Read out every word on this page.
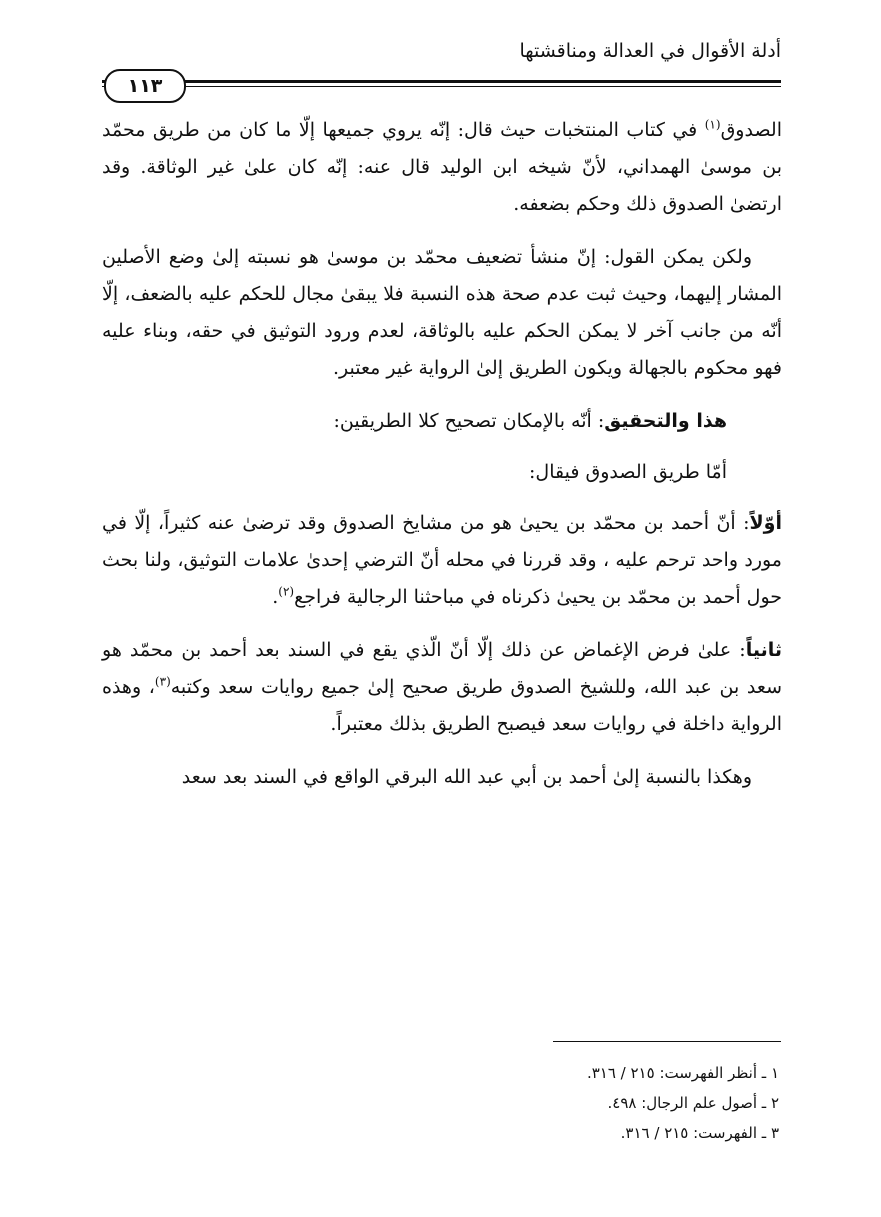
أدلة الأقوال في العدالة ومناقشتها
١١٣

الصدوق$^{(١)}$ في كتاب المنتخبات حيث قال: إنّه يروي جميعها إلّا ما كان من طريق محمّد بن موسىٰ الهمداني، لأنّ شيخه ابن الوليد قال عنه: إنّه كان علىٰ غير الوثاقة. وقد ارتضىٰ الصدوق ذلك وحكم بضعفه.

ولكن يمكن القول: إنّ منشأ تضعيف محمّد بن موسىٰ هو نسبته إلىٰ وضع الأصلين المشار إليهما، وحيث ثبت عدم صحة هذه النسبة فلا يبقىٰ مجال للحكم عليه بالضعف، إلّا أنّه من جانب آخر لا يمكن الحكم عليه بالوثاقة، لعدم ورود التوثيق في حقه، وبناء عليه فهو محكوم بالجهالة ويكون الطريق إلىٰ الرواية غير معتبر.

هذا والتحقيق: أنّه بالإمكان تصحيح كلا الطريقين:

أمّا طريق الصدوق فيقال:

أوّلاً: أنّ أحمد بن محمّد بن يحيىٰ هو من مشايخ الصدوق وقد ترضىٰ عنه كثيراً، إلّا في مورد واحد ترحم عليه ، وقد قررنا في محله أنّ الترضي إحدىٰ علامات التوثيق، ولنا بحث حول أحمد بن محمّد بن يحيىٰ ذكرناه في مباحثنا الرجالية فراجع$^{(٢)}$.

ثانياً: علىٰ فرض الإغماض عن ذلك إلّا أنّ الّذي يقع في السند بعد أحمد بن محمّد هو سعد بن عبد الله، وللشيخ الصدوق طريق صحيح إلىٰ جميع روايات سعد وكتبه$^{(٣)}$، وهذه الرواية داخلة في روايات سعد فيصبح الطريق بذلك معتبراً.

وهكذا بالنسبة إلىٰ أحمد بن أبي عبد الله البرقي الواقع في السند بعد سعد

١ ـ أنظر الفهرست: ٢١٥ / ٣١٦.
٢ ـ أصول علم الرجال: ٤٩٨.
٣ ـ الفهرست: ٢١٥ / ٣١٦.
